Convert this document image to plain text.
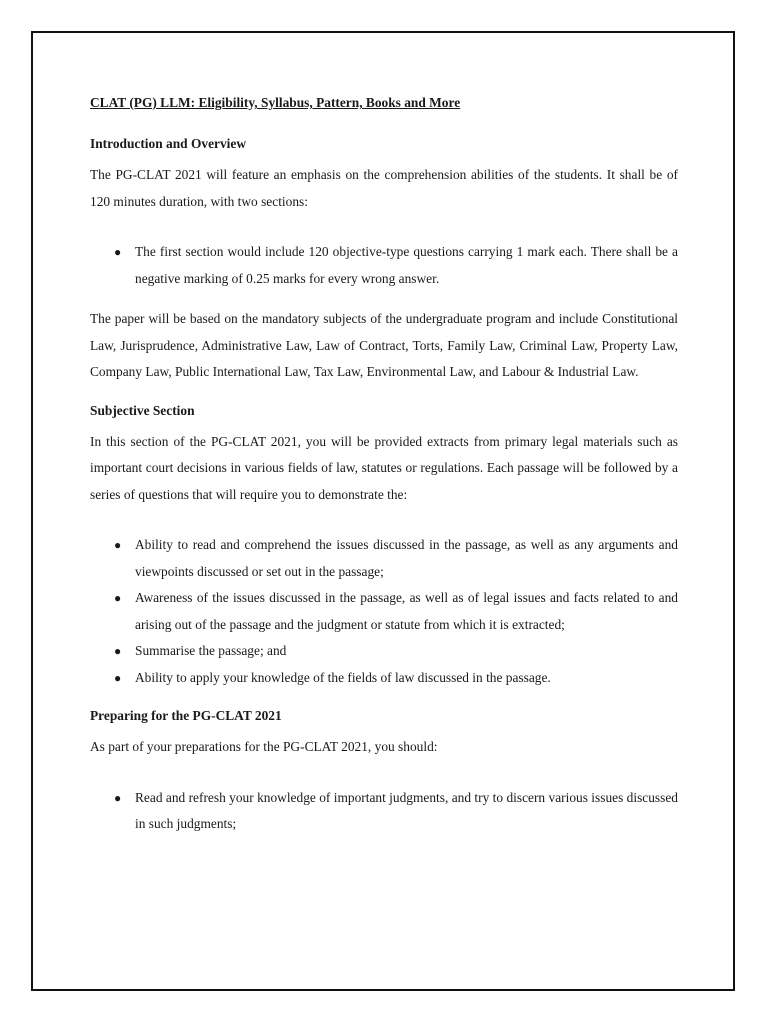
CLAT (PG) LLM: Eligibility, Syllabus, Pattern, Books and More
Introduction and Overview

The PG-CLAT 2021 will feature an emphasis on the comprehension abilities of the students. It shall be of 120 minutes duration, with two sections:

● The first section would include 120 objective-type questions carrying 1 mark each. There shall be a negative marking of 0.25 marks for every wrong answer.

The paper will be based on the mandatory subjects of the undergraduate program and include Constitutional Law, Jurisprudence, Administrative Law, Law of Contract, Torts, Family Law, Criminal Law, Property Law, Company Law, Public International Law, Tax Law, Environmental Law, and Labour & Industrial Law.

Subjective Section

In this section of the PG-CLAT 2021, you will be provided extracts from primary legal materials such as important court decisions in various fields of law, statutes or regulations. Each passage will be followed by a series of questions that will require you to demonstrate the:

● Ability to read and comprehend the issues discussed in the passage, as well as any arguments and viewpoints discussed or set out in the passage;
● Awareness of the issues discussed in the passage, as well as of legal issues and facts related to and arising out of the passage and the judgment or statute from which it is extracted;
● Summarise the passage; and
● Ability to apply your knowledge of the fields of law discussed in the passage.
Preparing for the PG-CLAT 2021

As part of your preparations for the PG-CLAT 2021, you should:

● Read and refresh your knowledge of important judgments, and try to discern various issues discussed in such judgments;
